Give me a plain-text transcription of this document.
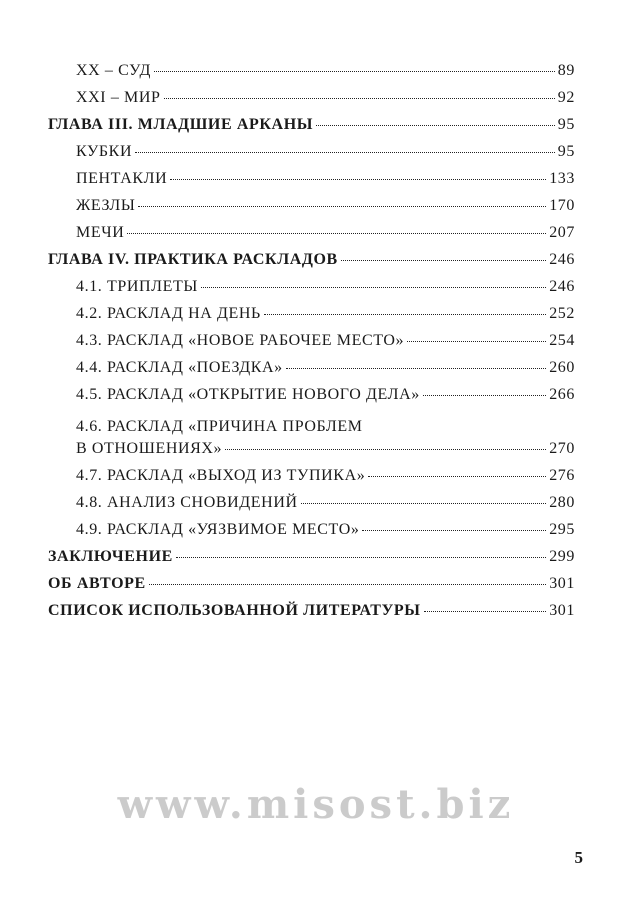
XX – СУД	89
XXI – МИР	92
ГЛАВА III. МЛАДШИЕ АРКАНЫ	95
КУБКИ	95
ПЕНТАКЛИ	133
ЖЕЗЛЫ	170
МЕЧИ	207
ГЛАВА IV. ПРАКТИКА РАСКЛАДОВ	246
4.1. ТРИПЛЕТЫ	246
4.2. РАСКЛАД НА ДЕНЬ	252
4.3. РАСКЛАД «НОВОЕ РАБОЧЕЕ МЕСТО»	254
4.4. РАСКЛАД «ПОЕЗДКА»	260
4.5. РАСКЛАД «ОТКРЫТИЕ НОВОГО ДЕЛА»	266
4.6. РАСКЛАД «ПРИЧИНА ПРОБЛЕМ
В ОТНОШЕНИЯХ»	270
4.7. РАСКЛАД «ВЫХОД ИЗ ТУПИКА»	276
4.8. АНАЛИЗ СНОВИДЕНИЙ	280
4.9. РАСКЛАД «УЯЗВИМОЕ МЕСТО»	295
ЗАКЛЮЧЕНИЕ	299
ОБ АВТОРЕ	301
СПИСОК ИСПОЛЬЗОВАННОЙ ЛИТЕРАТУРЫ	301
www.misost.biz
5
